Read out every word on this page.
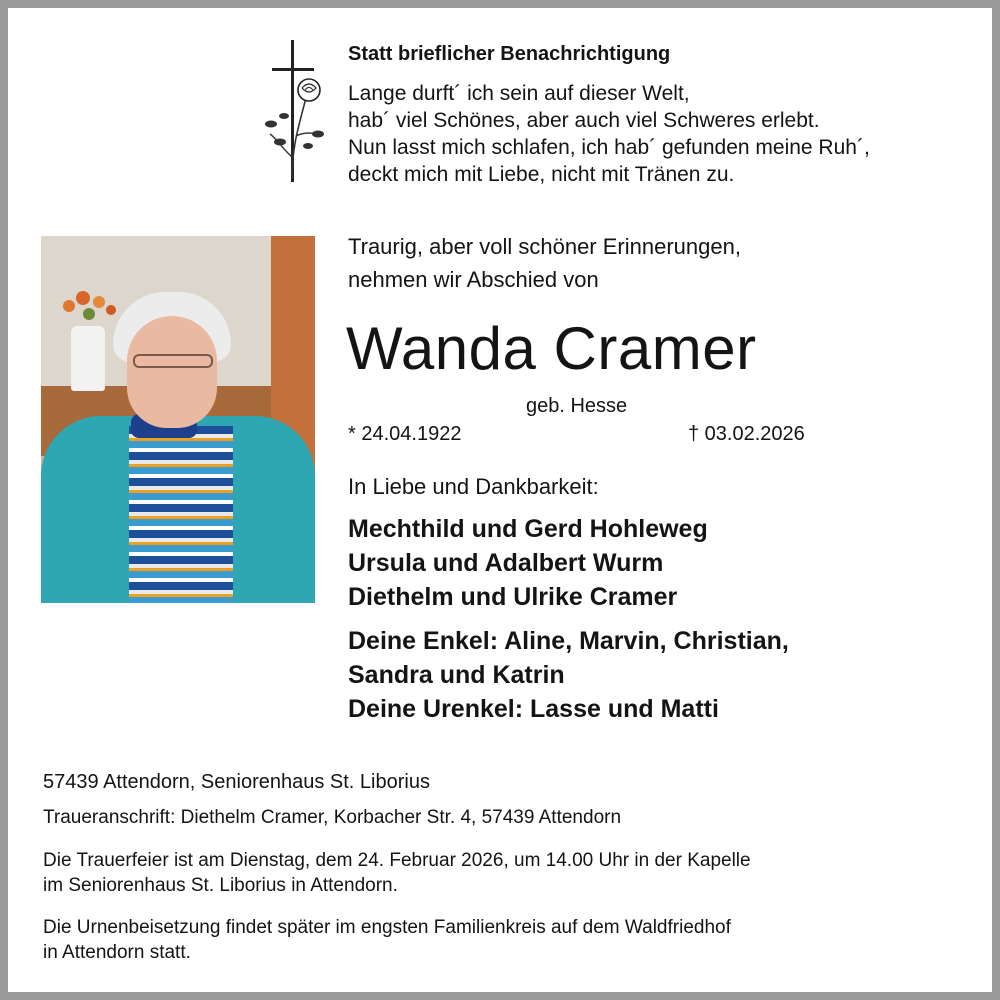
Statt brieflicher Benachrichtigung
Lange durft´ ich sein auf dieser Welt,
hab´ viel Schönes, aber auch viel Schweres erlebt.
Nun lasst mich schlafen, ich hab´ gefunden meine Ruh´,
deckt mich mit Liebe, nicht mit Tränen zu.
Traurig, aber voll schöner Erinnerungen,
nehmen wir Abschied von
Wanda Cramer
geb. Hesse
* 24.04.1922	† 03.02.2026
In Liebe und Dankbarkeit:
Mechthild und Gerd Hohleweg
Ursula und Adalbert Wurm
Diethelm und Ulrike Cramer
Deine Enkel: Aline, Marvin, Christian,
Sandra und Katrin
Deine Urenkel: Lasse und Matti
57439 Attendorn, Seniorenhaus St. Liborius
Traueranschrift: Diethelm Cramer, Korbacher Str. 4, 57439 Attendorn
Die Trauerfeier ist am Dienstag, dem 24. Februar 2026, um 14.00 Uhr in der Kapelle
im Seniorenhaus St. Liborius in Attendorn.
Die Urnenbeisetzung findet später im engsten Familienkreis auf dem Waldfriedhof
in Attendorn statt.
